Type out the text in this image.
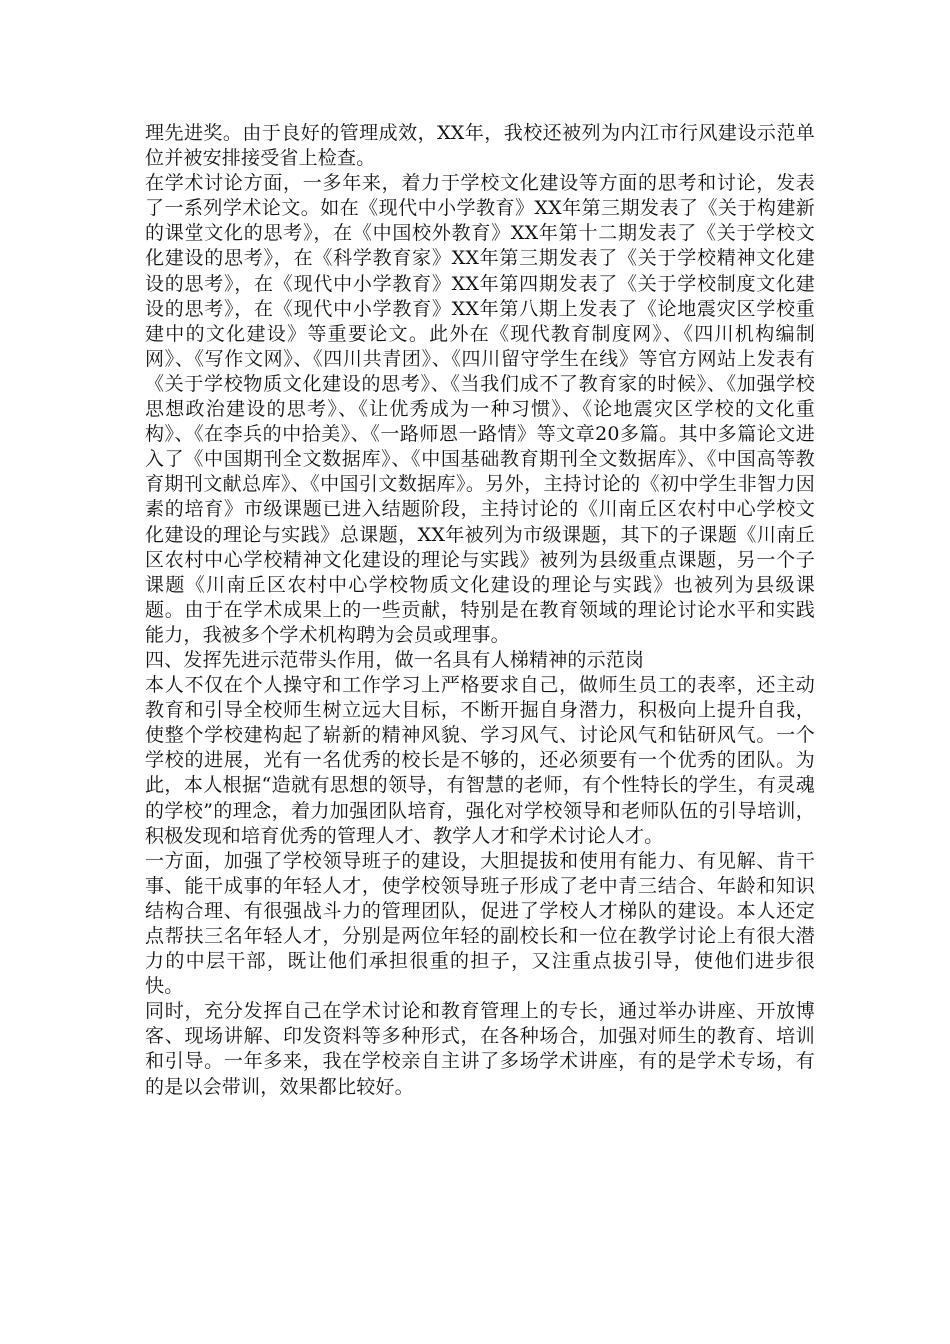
理先进奖。由于良好的管理成效，XX年，我校还被列为内江市行风建设示范单位并被安排接受省上检查。

在学术讨论方面，一多年来，着力于学校文化建设等方面的思考和讨论，发表了一系列学术论文。如在《现代中小学教育》XX年第三期发表了《关于构建新的课堂文化的思考》，在《中国校外教育》XX年第十二期发表了《关于学校文化建设的思考》，在《科学教育家》XX年第三期发表了《关于学校精神文化建设的思考》，在《现代中小学教育》XX年第四期发表了《关于学校制度文化建设的思考》，在《现代中小学教育》XX年第八期上发表了《论地震灾区学校重建中的文化建设》等重要论文。此外在《现代教育制度网》、《四川机构编制网》、《写作文网》、《四川共青团》、《四川留守学生在线》等官方网站上发表有《关于学校物质文化建设的思考》、《当我们成不了教育家的时候》、《加强学校思想政治建设的思考》、《让优秀成为一种习惯》、《论地震灾区学校的文化重构》、《在李兵的中拾美》、《一路师恩一路情》等文章20多篇。其中多篇论文进入了《中国期刊全文数据库》、《中国基础教育期刊全文数据库》、《中国高等教育期刊文献总库》、《中国引文数据库》。另外，主持讨论的《初中学生非智力因素的培育》市级课题已进入结题阶段，主持讨论的《川南丘区农村中心学校文化建设的理论与实践》总课题，XX年被列为市级课题，其下的子课题《川南丘区农村中心学校精神文化建设的理论与实践》被列为县级重点课题，另一个子课题《川南丘区农村中心学校物质文化建设的理论与实践》也被列为县级课题。由于在学术成果上的一些贡献，特别是在教育领域的理论讨论水平和实践能力，我被多个学术机构聘为会员或理事。

四、发挥先进示范带头作用，做一名具有人梯精神的示范岗

本人不仅在个人操守和工作学习上严格要求自己，做师生员工的表率，还主动教育和引导全校师生树立远大目标，不断开掘自身潜力，积极向上提升自我，使整个学校建构起了崭新的精神风貌、学习风气、讨论风气和钻研风气。一个学校的进展，光有一名优秀的校长是不够的，还必须要有一个优秀的团队。为此，本人根据“造就有思想的领导，有智慧的老师，有个性特长的学生，有灵魂的学校”的理念，着力加强团队培育，强化对学校领导和老师队伍的引导培训，积极发现和培育优秀的管理人才、教学人才和学术讨论人才。

一方面，加强了学校领导班子的建设，大胆提拔和使用有能力、有见解、肯干事、能干成事的年轻人才，使学校领导班子形成了老中青三结合、年龄和知识结构合理、有很强战斗力的管理团队，促进了学校人才梯队的建设。本人还定点帮扶三名年轻人才，分别是两位年轻的副校长和一位在教学讨论上有很大潜力的中层干部，既让他们承担很重的担子，又注重点拔引导，使他们进步很快。

同时，充分发挥自己在学术讨论和教育管理上的专长，通过举办讲座、开放博客、现场讲解、印发资料等多种形式，在各种场合，加强对师生的教育、培训和引导。一年多来，我在学校亲自主讲了多场学术讲座，有的是学术专场，有的是以会带训，效果都比较好。
